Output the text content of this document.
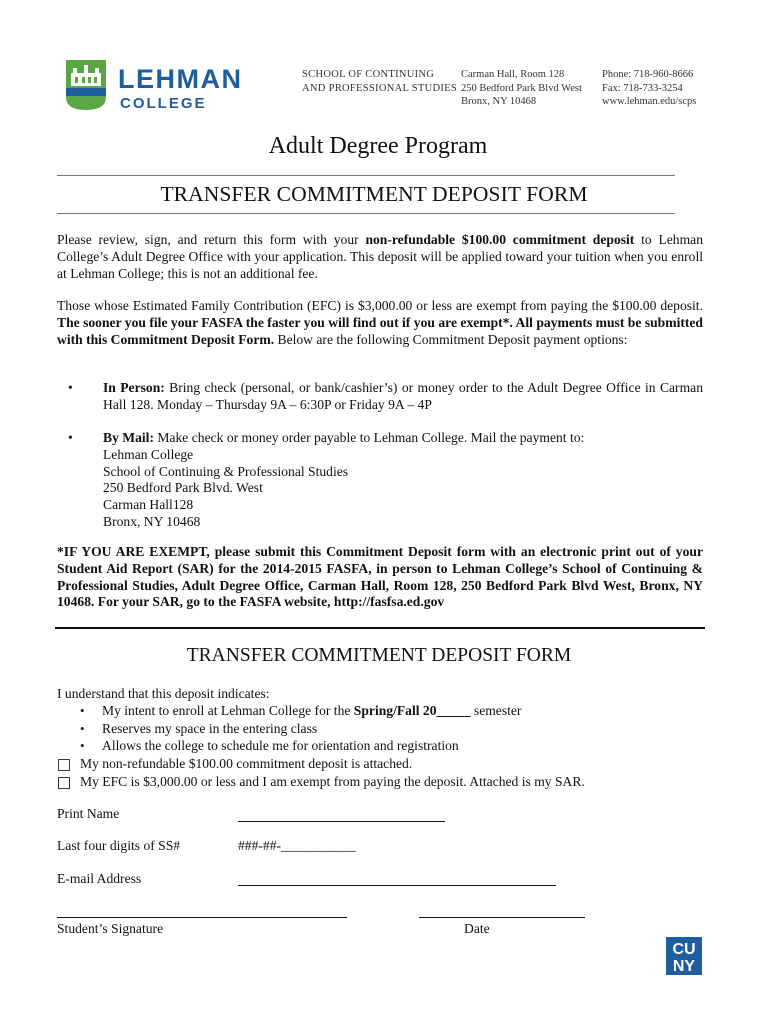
LEHMAN
COLLEGE
SCHOOL OF CONTINUING
AND PROFESSIONAL STUDIES
Carman Hall, Room 128
250 Bedford Park Blvd West
Bronx, NY 10468
Phone: 718-960-8666
Fax: 718-733-3254
www.lehman.edu/scps
Adult Degree Program
TRANSFER COMMITMENT DEPOSIT FORM
Please review, sign, and return this form with your non-refundable $100.00 commitment deposit to Lehman College’s Adult Degree Office with your application. This deposit will be applied toward your tuition when you enroll at Lehman College; this is not an additional fee.
Those whose Estimated Family Contribution (EFC) is $3,000.00 or less are exempt from paying the $100.00 deposit. The sooner you file your FASFA the faster you will find out if you are exempt*. All payments must be submitted with this Commitment Deposit Form. Below are the following Commitment Deposit payment options:
• In Person: Bring check (personal, or bank/cashier’s) or money order to the Adult Degree Office in Carman Hall 128. Monday – Thursday 9A – 6:30P or Friday 9A – 4P
• By Mail: Make check or money order payable to Lehman College. Mail the payment to:
Lehman College
School of Continuing & Professional Studies
250 Bedford Park Blvd. West
Carman Hall128
Bronx, NY 10468
*IF YOU ARE EXEMPT, please submit this Commitment Deposit form with an electronic print out of your Student Aid Report (SAR) for the 2014-2015 FASFA, in person to Lehman College’s School of Continuing & Professional Studies, Adult Degree Office, Carman Hall, Room 128, 250 Bedford Park Blvd West, Bronx, NY 10468. For your SAR, go to the FASFA website, http://fasfsa.ed.gov
TRANSFER COMMITMENT DEPOSIT FORM
I understand that this deposit indicates:
• My intent to enroll at Lehman College for the Spring/Fall 20_____ semester
• Reserves my space in the entering class
• Allows the college to schedule me for orientation and registration
My non-refundable $100.00 commitment deposit is attached.
My EFC is $3,000.00 or less and I am exempt from paying the deposit. Attached is my SAR.
Print Name
Last four digits of SS#	###-##-___________
E-mail Address
Student’s Signature	Date
CU
NY
